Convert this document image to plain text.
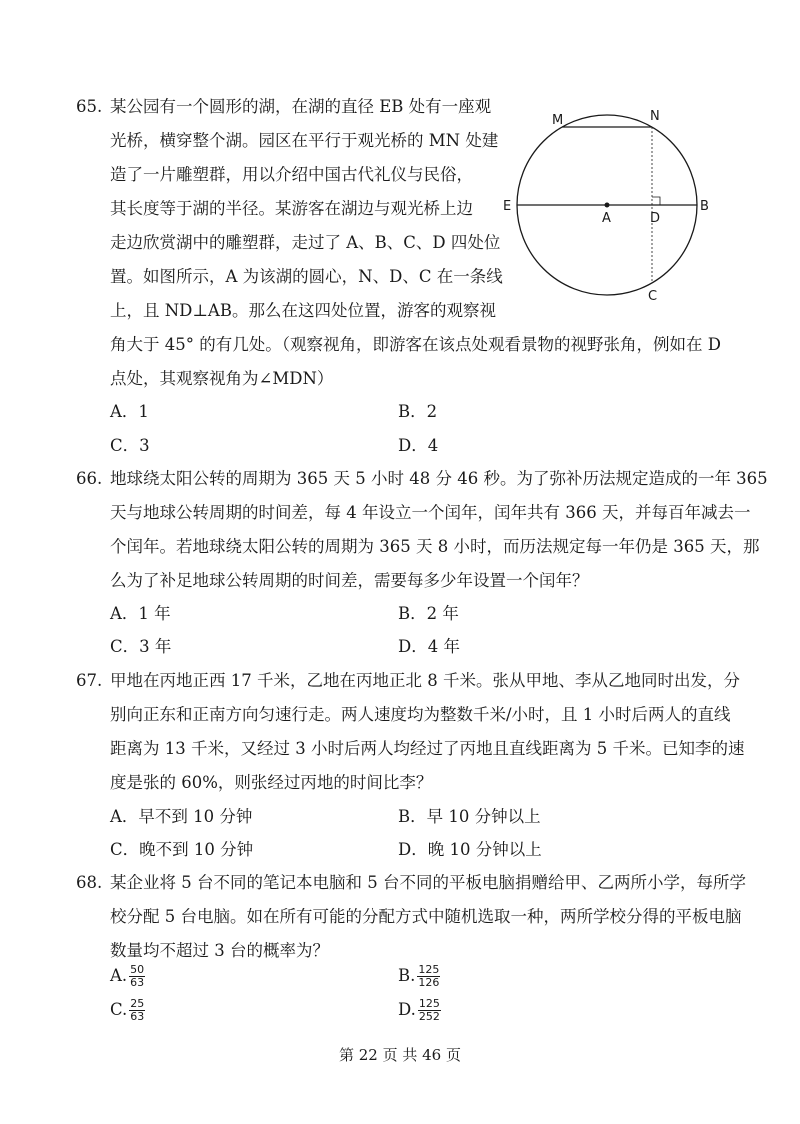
65. 某公园有一个圆形的湖，在湖的直径 EB 处有一座观
光桥，横穿整个湖。园区在平行于观光桥的 MN 处建
造了一片雕塑群，用以介绍中国古代礼仪与民俗，
其长度等于湖的半径。某游客在湖边与观光桥上边
走边欣赏湖中的雕塑群，走过了 A、B、C、D 四处位
置。如图所示，A 为该湖的圆心，N、D、C 在一条线
上，且 ND⊥AB。那么在这四处位置，游客的观察视
角大于 45° 的有几处。（观察视角，即游客在该点处观看景物的视野张角，例如在 D
点处，其观察视角为∠MDN）
M	N
E
A	D
B
C
A．1	B．2
C．3	D．4
66. 地球绕太阳公转的周期为 365 天 5 小时 48 分 46 秒。为了弥补历法规定造成的一年 365
天与地球公转周期的时间差，每 4 年设立一个闰年，闰年共有 366 天，并每百年减去一
个闰年。若地球绕太阳公转的周期为 365 天 8 小时，而历法规定每一年仍是 365 天，那
么为了补足地球公转周期的时间差，需要每多少年设置一个闰年？
A．1 年	B．2 年
C．3 年	D．4 年
67. 甲地在丙地正西 17 千米，乙地在丙地正北 8 千米。张从甲地、李从乙地同时出发，分
别向正东和正南方向匀速行走。两人速度均为整数千米/小时，且 1 小时后两人的直线
距离为 13 千米，又经过 3 小时后两人均经过了丙地且直线距离为 5 千米。已知李的速
度是张的 60%，则张经过丙地的时间比李？
A．早不到 10 分钟	B．早 10 分钟以上
C．晚不到 10 分钟	D．晚 10 分钟以上
68. 某企业将 5 台不同的笔记本电脑和 5 台不同的平板电脑捐赠给甲、乙两所小学，每所学
校分配 5 台电脑。如在所有可能的分配方式中随机选取一种，两所学校分得的平板电脑
数量均不超过 3 台的概率为？
A. $\frac{50}{63}$	B. $\frac{125}{126}$
C. $\frac{25}{63}$	D. $\frac{125}{252}$
第 22 页 共 46 页
